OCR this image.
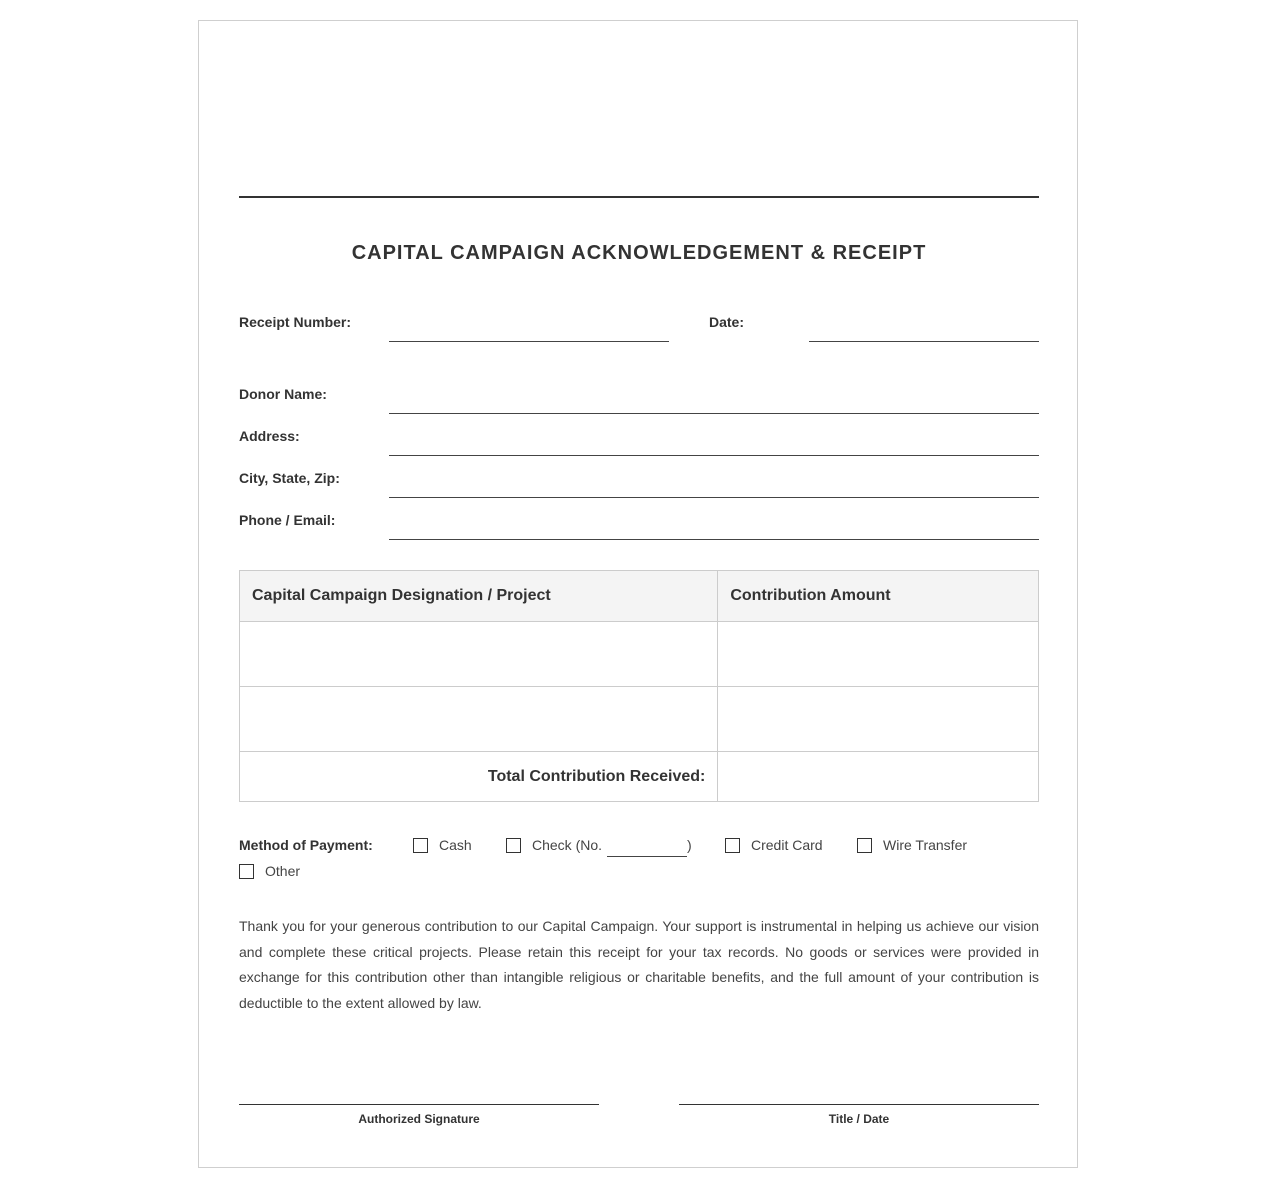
CAPITAL CAMPAIGN ACKNOWLEDGEMENT & RECEIPT
Receipt Number:	Date:
Donor Name:
Address:
City, State, Zip:
Phone / Email:
Capital Campaign Designation / Project	Contribution Amount

Total Contribution Received:	
Method of Payment:	Cash	Check (No.	)	Credit Card	Wire Transfer
Other

Thank you for your generous contribution to our Capital Campaign. Your support is instrumental in helping us achieve our vision and complete these critical projects. Please retain this receipt for your tax records. No goods or services were provided in exchange for this contribution other than intangible religious or charitable benefits, and the full amount of your contribution is deductible to the extent allowed by law.

Authorized Signature	Title / Date
